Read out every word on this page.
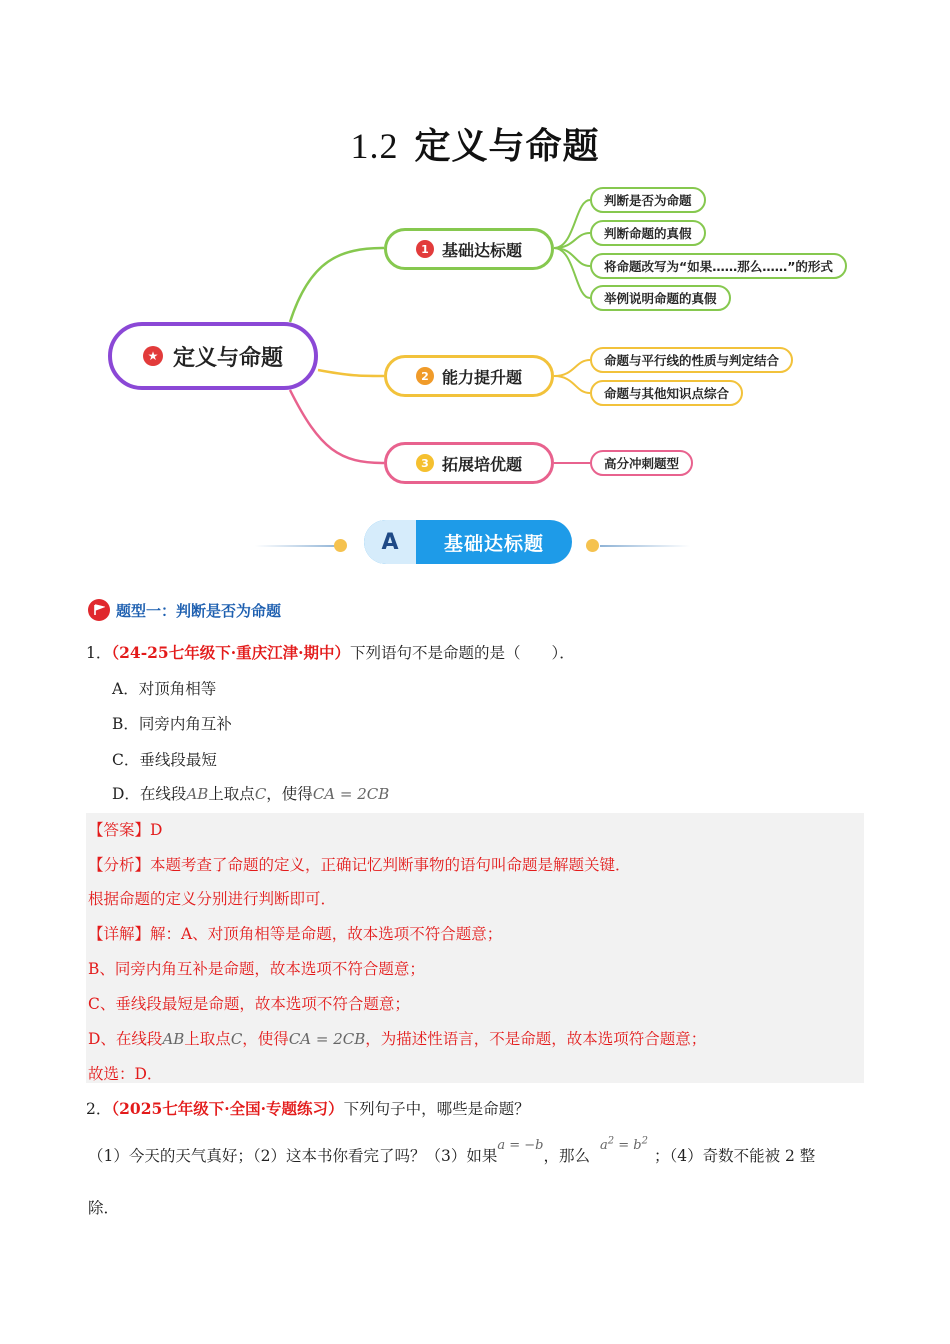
1.2 定义与命题
★ 定义与命题
1 基础达标题
2 能力提升题
3 拓展培优题
判断是否为命题
判断命题的真假
将命题改写为“如果……那么……”的形式
举例说明命题的真假
命题与平行线的性质与判定结合
命题与其他知识点综合
高分冲刺题型
A	基础达标题
题型一：判断是否为命题
1．（24-25七年级下·重庆江津·期中）下列语句不是命题的是（　　）．
A．对顶角相等
B．同旁内角互补
C．垂线段最短
D．在线段AB上取点C，使得CA = 2CB
【答案】D
【分析】本题考查了命题的定义，正确记忆判断事物的语句叫命题是解题关键．
根据命题的定义分别进行判断即可．
【详解】解：A、对顶角相等是命题，故本选项不符合题意；
B、同旁内角互补是命题，故本选项不符合题意；
C、垂线段最短是命题，故本选项不符合题意；
D、在线段AB上取点C，使得CA = 2CB，为描述性语言，不是命题，故本选项符合题意；
故选：D．
2．（2025七年级下·全国·专题练习）下列句子中，哪些是命题？
（1）今天的天气真好；（2）这本书你看完了吗？（3）如果$^{a = -b}$，那么$^{a^2 = b^2}$；（4）奇数不能被 2 整
除．
